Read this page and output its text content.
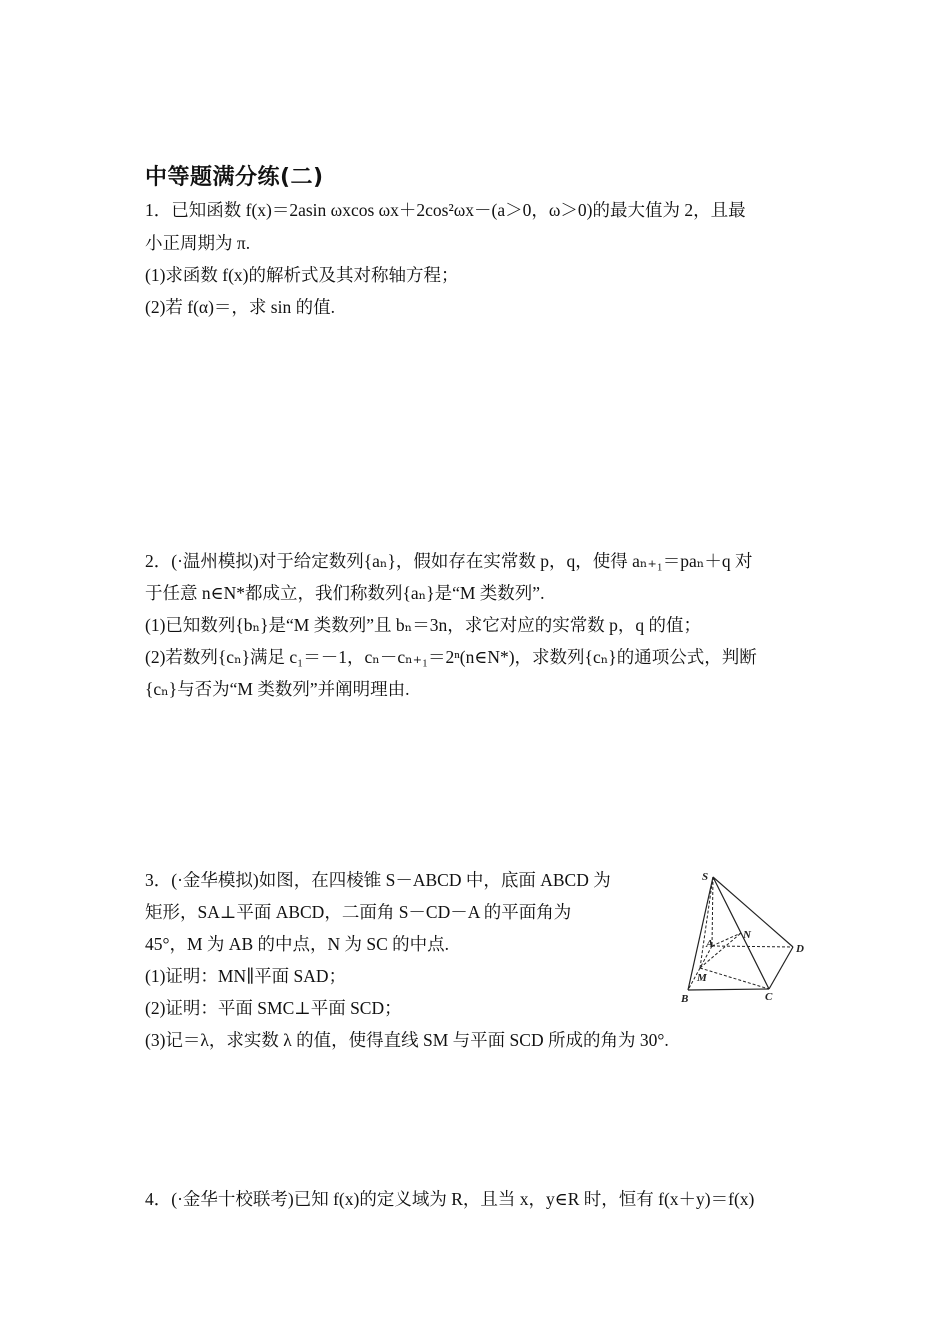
中等题满分练(二)
1．已知函数 f(x)＝2asin ωxcos ωx＋2cos²ωx－(a＞0，ω＞0)的最大值为 2，且最
小正周期为 π.
(1)求函数 f(x)的解析式及其对称轴方程；
(2)若 f(α)＝，求 sin 的值.
2．(·温州模拟)对于给定数列{aₙ}，假如存在实常数 p，q，使得 aₙ₊₁＝paₙ＋q 对
于任意 n∈N*都成立，我们称数列{aₙ}是“M 类数列”.
(1)已知数列{bₙ}是“M 类数列”且 bₙ＝3n，求它对应的实常数 p，q 的值；
(2)若数列{cₙ}满足 c₁＝－1，cₙ－cₙ₊₁＝2ⁿ(n∈N*)，求数列{cₙ}的通项公式，判断
{cₙ}与否为“M 类数列”并阐明理由.
3．(·金华模拟)如图，在四棱锥 S－ABCD 中，底面 ABCD 为
矩形，SA⊥平面 ABCD，二面角 S－CD－A 的平面角为
45°，M 为 AB 的中点，N 为 SC 的中点.
(1)证明：MN∥平面 SAD；
(2)证明：平面 SMC⊥平面 SCD；
(3)记＝λ，求实数 λ 的值，使得直线 SM 与平面 SCD 所成的角为 30°.
S
A
N
D
M
B	C
4．(·金华十校联考)已知 f(x)的定义域为 R，且当 x，y∈R 时，恒有 f(x＋y)＝f(x)
